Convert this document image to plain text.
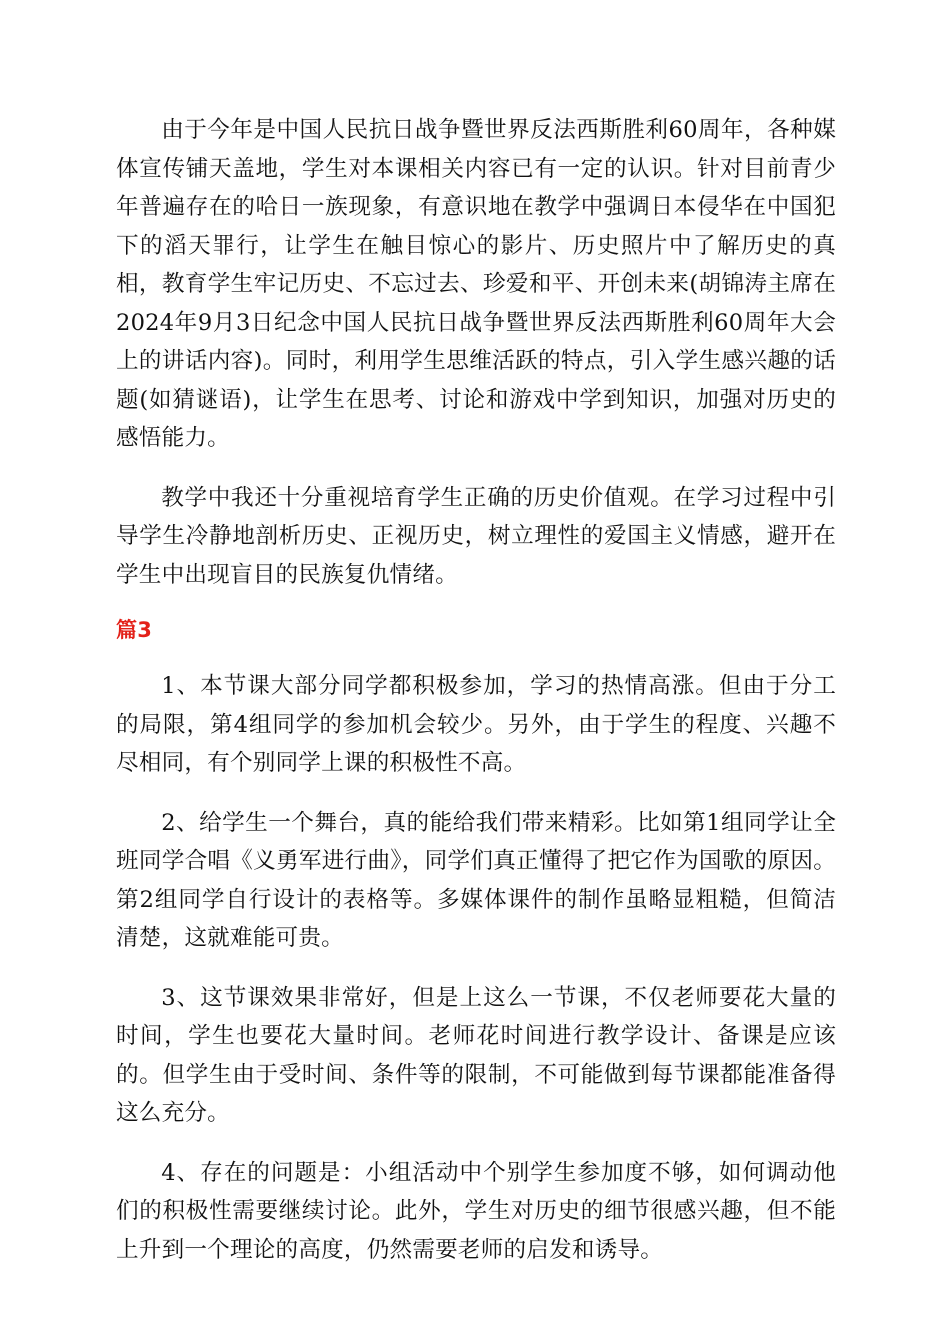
由于今年是中国人民抗日战争暨世界反法西斯胜利60周年，各种媒体宣传铺天盖地，学生对本课相关内容已有一定的认识。针对目前青少年普遍存在的哈日一族现象，有意识地在教学中强调日本侵华在中国犯下的滔天罪行，让学生在触目惊心的影片、历史照片中了解历史的真相，教育学生牢记历史、不忘过去、珍爱和平、开创未来(胡锦涛主席在2024年9月3日纪念中国人民抗日战争暨世界反法西斯胜利60周年大会上的讲话内容)。同时，利用学生思维活跃的特点，引入学生感兴趣的话题(如猜谜语)，让学生在思考、讨论和游戏中学到知识，加强对历史的感悟能力。

教学中我还十分重视培育学生正确的历史价值观。在学习过程中引导学生冷静地剖析历史、正视历史，树立理性的爱国主义情感，避开在学生中出现盲目的民族复仇情绪。

篇3

1、本节课大部分同学都积极参加，学习的热情高涨。但由于分工的局限，第4组同学的参加机会较少。另外，由于学生的程度、兴趣不尽相同，有个别同学上课的积极性不高。

2、给学生一个舞台，真的能给我们带来精彩。比如第1组同学让全班同学合唱《义勇军进行曲》，同学们真正懂得了把它作为国歌的原因。第2组同学自行设计的表格等。多媒体课件的制作虽略显粗糙，但简洁清楚，这就难能可贵。

3、这节课效果非常好，但是上这么一节课，不仅老师要花大量的时间，学生也要花大量时间。老师花时间进行教学设计、备课是应该的。但学生由于受时间、条件等的限制，不可能做到每节课都能准备得这么充分。

4、存在的问题是：小组活动中个别学生参加度不够，如何调动他们的积极性需要继续讨论。此外，学生对历史的细节很感兴趣，但不能上升到一个理论的高度，仍然需要老师的启发和诱导。
